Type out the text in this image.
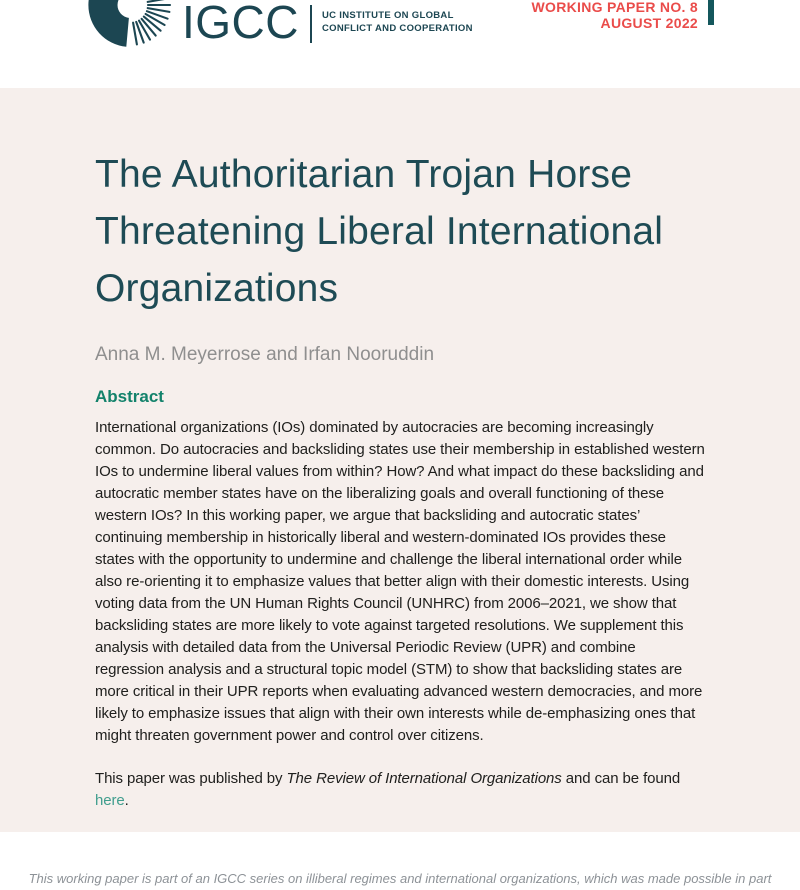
IGCC UC INSTITUTE ON GLOBAL
CONFLICT AND COOPERATION
WORKING PAPER NO. 8
AUGUST 2022
The Authoritarian Trojan Horse
Threatening Liberal International
Organizations
Anna M. Meyerrose and Irfan Nooruddin
Abstract

International organizations (IOs) dominated by autocracies are becoming increasingly common. Do autocracies and backsliding states use their membership in established western IOs to undermine liberal values from within? How? And what impact do these backsliding and autocratic member states have on the liberalizing goals and overall functioning of these western IOs? In this working paper, we argue that backsliding and autocratic states’ continuing membership in historically liberal and western-dominated IOs provides these states with the opportunity to undermine and challenge the liberal international order while also re-orienting it to emphasize values that better align with their domestic interests. Using voting data from the UN Human Rights Council (UNHRC) from 2006–2021, we show that backsliding states are more likely to vote against targeted resolutions. We supplement this analysis with detailed data from the Universal Periodic Review (UPR) and combine regression analysis and a structural topic model (STM) to show that backsliding states are more critical in their UPR reports when evaluating advanced western democracies, and more likely to emphasize issues that align with their own interests while de-emphasizing ones that might threaten government power and control over citizens.

This paper was published by The Review of International Organizations and can be found here.

This working paper is part of an IGCC series on illiberal regimes and international organizations, which was made possible in part
